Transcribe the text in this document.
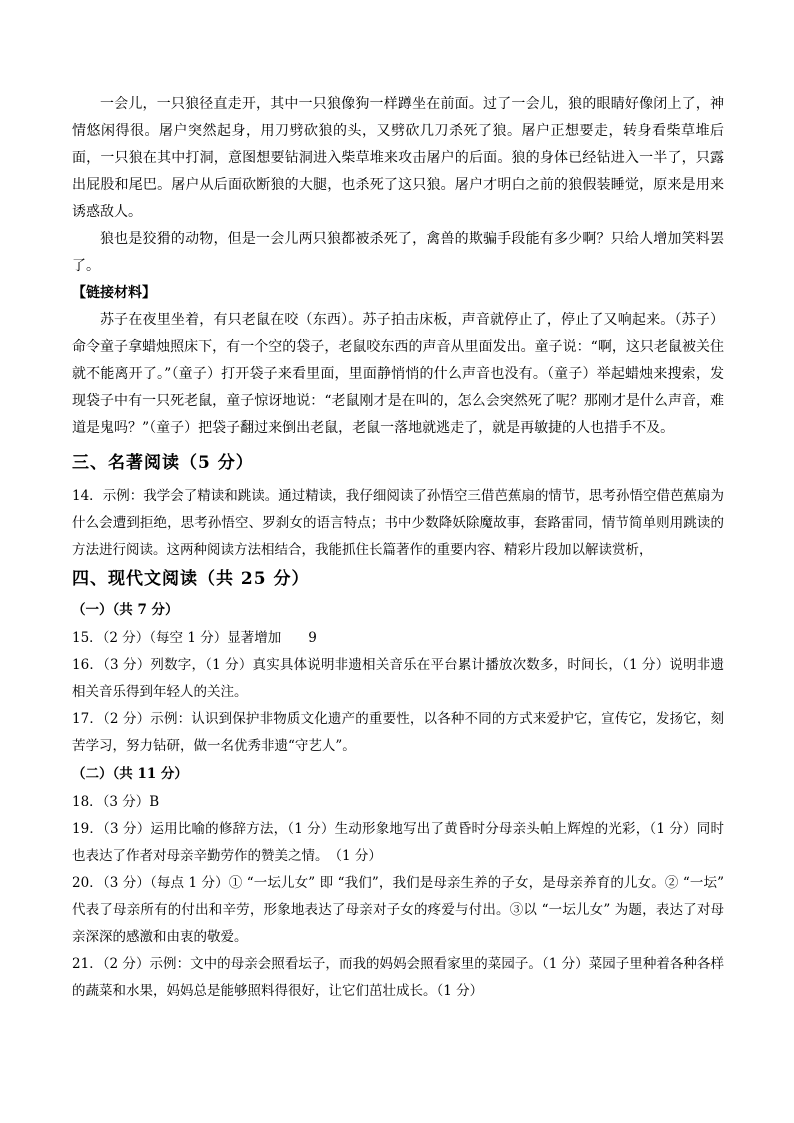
一会儿，一只狼径直走开，其中一只狼像狗一样蹲坐在前面。过了一会儿，狼的眼睛好像闭上了，神情悠闲得很。屠户突然起身，用刀劈砍狼的头，又劈砍几刀杀死了狼。屠户正想要走，转身看柴草堆后面，一只狼在其中打洞，意图想要钻洞进入柴草堆来攻击屠户的后面。狼的身体已经钻进入一半了，只露出屁股和尾巴。屠户从后面砍断狼的大腿，也杀死了这只狼。屠户才明白之前的狼假装睡觉，原来是用来诱惑敌人。

狼也是狡猾的动物，但是一会儿两只狼都被杀死了，禽兽的欺骗手段能有多少啊？只给人增加笑料罢了。

【链接材料】

苏子在夜里坐着，有只老鼠在咬（东西）。苏子拍击床板，声音就停止了，停止了又响起来。（苏子）命令童子拿蜡烛照床下，有一个空的袋子，老鼠咬东西的声音从里面发出。童子说：“啊，这只老鼠被关住就不能离开了。”（童子）打开袋子来看里面，里面静悄悄的什么声音也没有。（童子）举起蜡烛来搜索，发现袋子中有一只死老鼠，童子惊讶地说：“老鼠刚才是在叫的，怎么会突然死了呢？那刚才是什么声音，难道是鬼吗？”（童子）把袋子翻过来倒出老鼠，老鼠一落地就逃走了，就是再敏捷的人也措手不及。

三、名著阅读（5 分）

14．示例：我学会了精读和跳读。通过精读，我仔细阅读了孙悟空三借芭蕉扇的情节，思考孙悟空借芭蕉扇为什么会遭到拒绝，思考孙悟空、罗刹女的语言特点；书中少数降妖除魔故事，套路雷同，情节简单则用跳读的方法进行阅读。这两种阅读方法相结合，我能抓住长篇著作的重要内容、精彩片段加以解读赏析，

四、现代文阅读（共 25 分）

（一）（共 7 分）

15．（2 分）（每空 1 分）显著增加　　9

16．（3 分）列数字，（1 分）真实具体说明非遗相关音乐在平台累计播放次数多，时间长，（1 分）说明非遗相关音乐得到年轻人的关注。

17．（2 分）示例：认识到保护非物质文化遗产的重要性，以各种不同的方式来爱护它，宣传它，发扬它，刻苦学习，努力钻研，做一名优秀非遗“守艺人”。

（二）（共 11 分）

18．（3 分）B

19．（3 分）运用比喻的修辞方法，（1 分）生动形象地写出了黄昏时分母亲头帕上辉煌的光彩，（1 分）同时也表达了作者对母亲辛勤劳作的赞美之情。　（1 分）

20．（3 分）（每点 1 分）① “一坛儿女” 即 “我们”，我们是母亲生养的子女，是母亲养育的儿女。② “一坛” 代表了母亲所有的付出和辛劳，形象地表达了母亲对子女的疼爱与付出。③以 “一坛儿女” 为题，表达了对母亲深深的感激和由衷的敬爱。

21．（2 分）示例：文中的母亲会照看坛子，而我的妈妈会照看家里的菜园子。（1 分）菜园子里种着各种各样的蔬菜和水果，妈妈总是能够照料得很好，让它们茁壮成长。（1 分）
